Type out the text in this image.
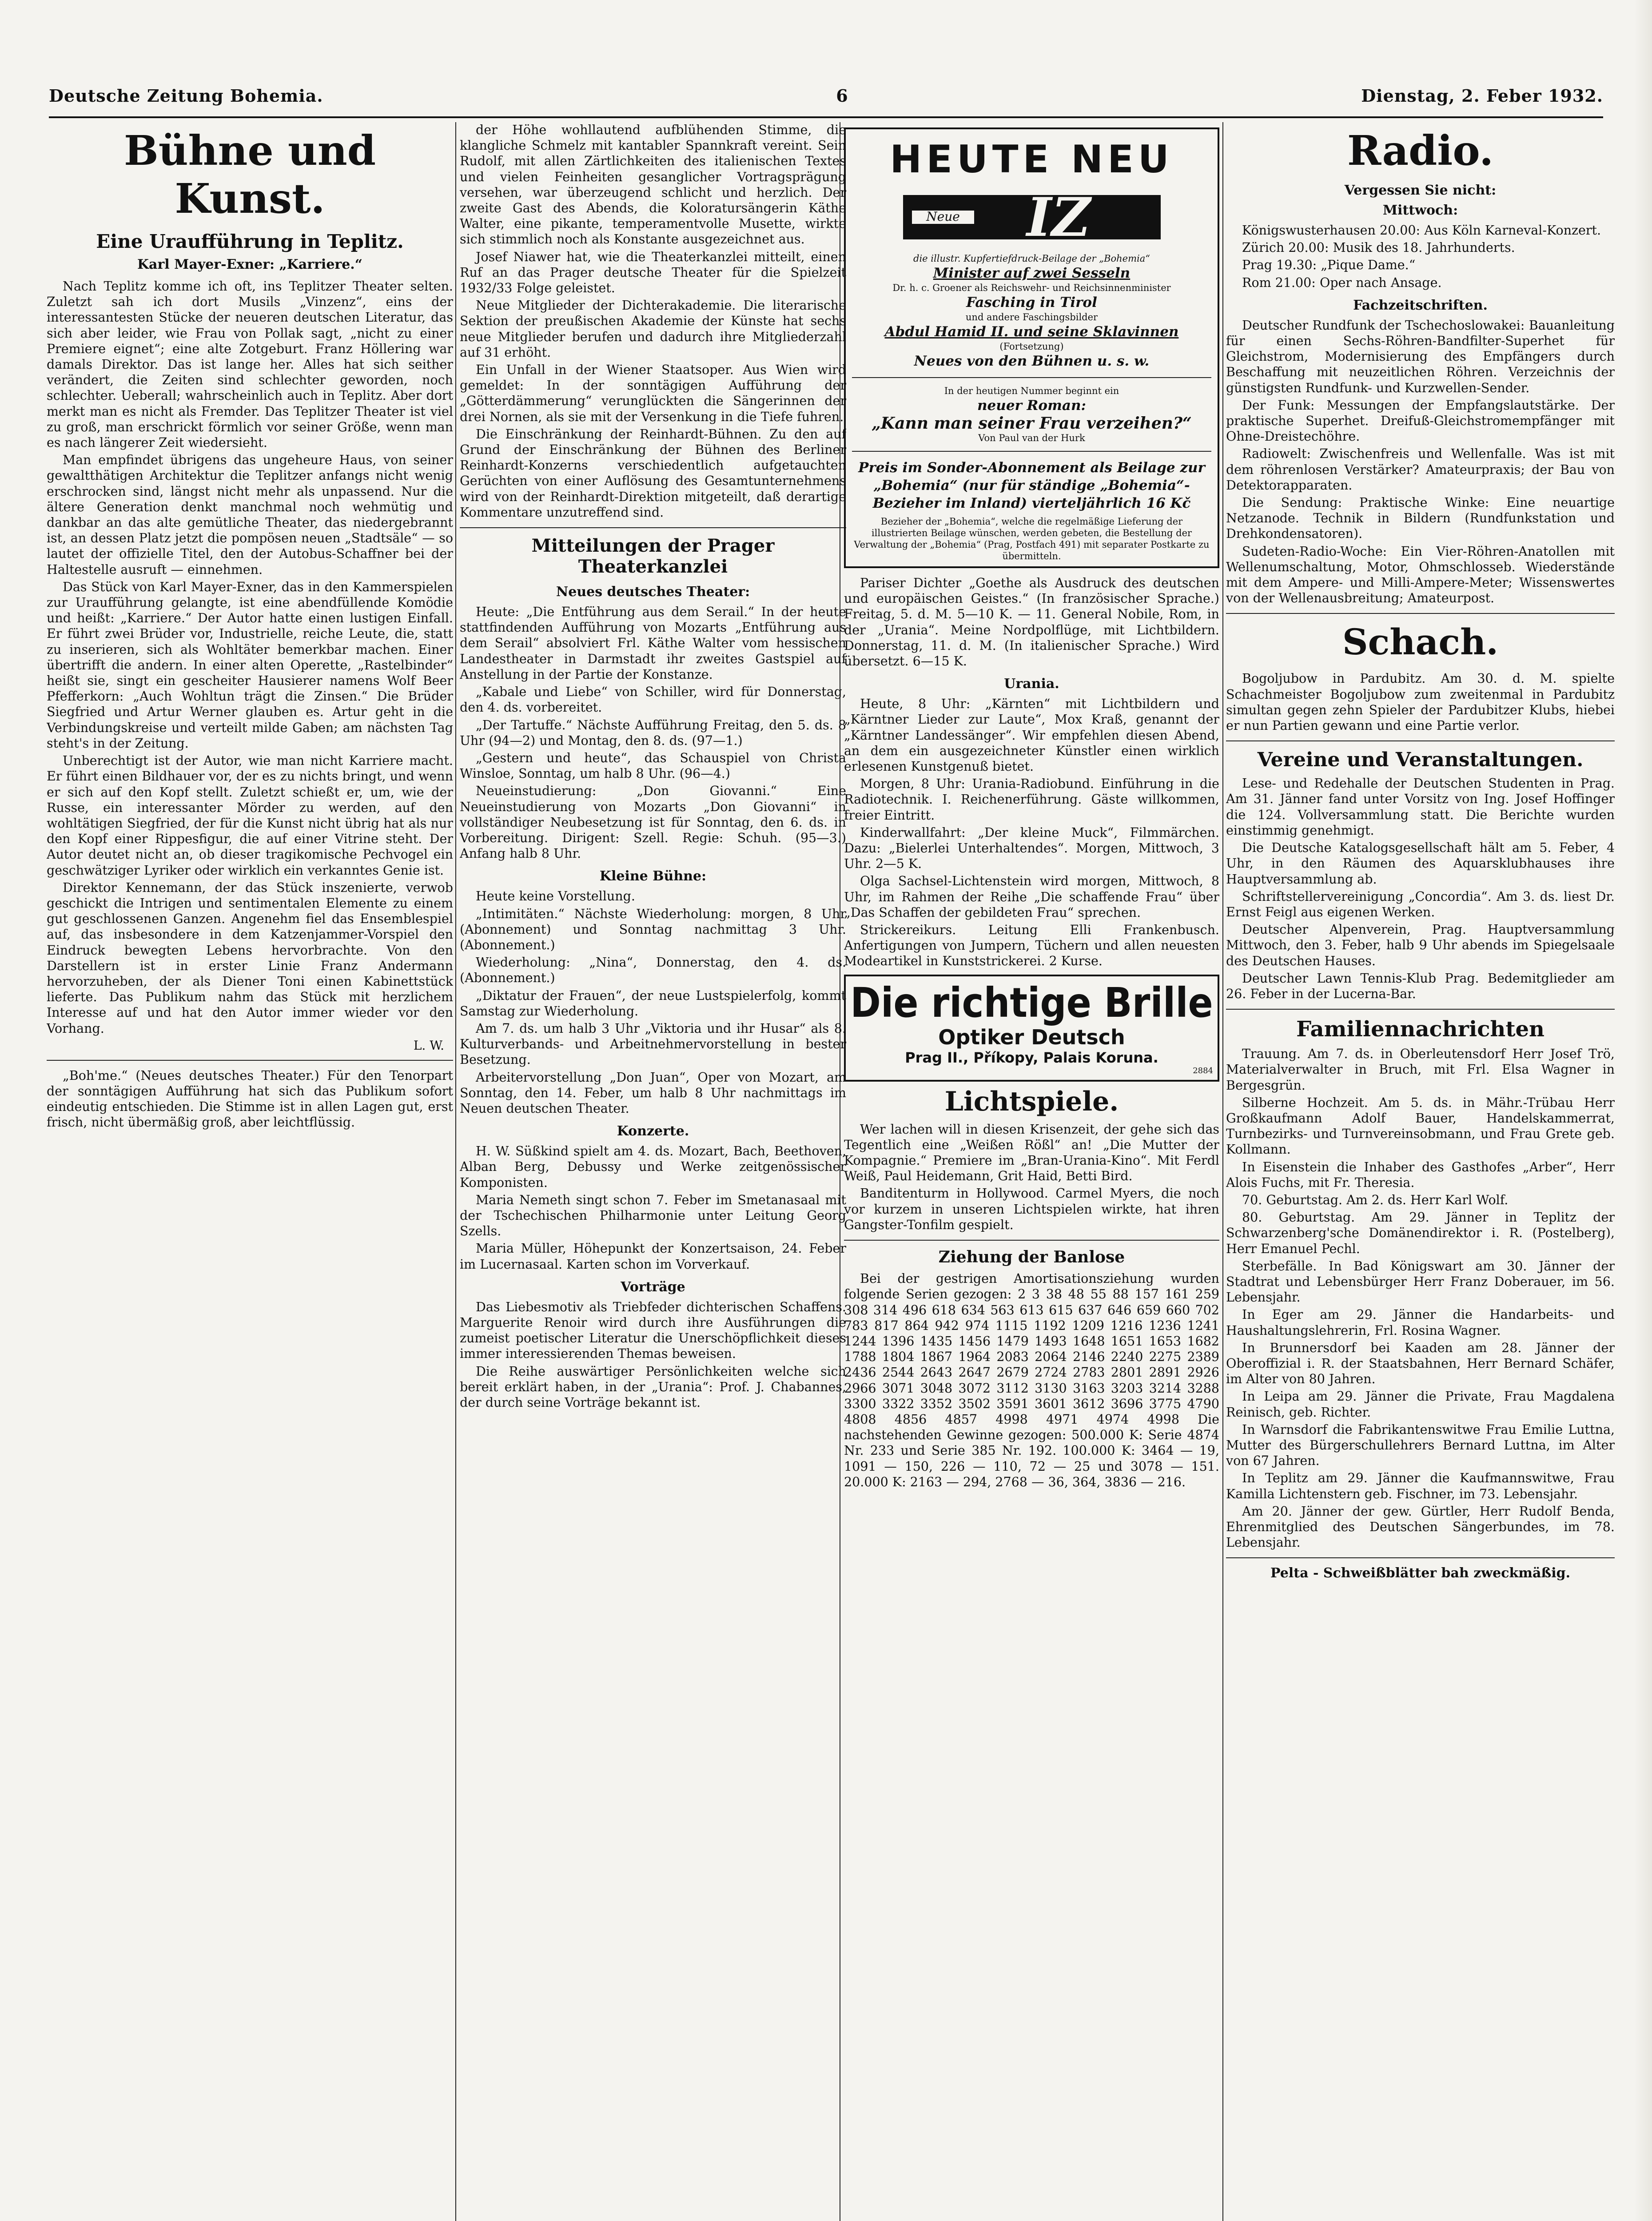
Deutsche Zeitung Bohemia.	6	Dienstag, 2. Feber 1932.
Bühne und Kunst.
Eine Uraufführung in Teplitz.
Karl Mayer-Exner: „Karriere.“

Nach Teplitz komme ich oft, ins Teplitzer Theater selten. Zuletzt sah ich dort Musils „Vinzenz“, eins der interessantesten Stücke der neueren deutschen Literatur, das sich aber leider, wie Frau von Pollak sagt, „nicht zu einer Premiere eignet“; eine alte Zotgeburt. Franz Höllering war damals Direktor. Das ist lange her. Alles hat sich seither verändert, die Zeiten sind schlechter geworden, noch schlechter. Ueberall; wahrscheinlich auch in Teplitz. Aber dort merkt man es nicht als Fremder. Das Teplitzer Theater ist viel zu groß, man erschrickt förmlich vor seiner Größe, wenn man es nach längerer Zeit wiedersieht.

Man empfindet übrigens das ungeheure Haus, von seiner gewaltthätigen Architektur die Teplitzer anfangs nicht wenig erschrocken sind, längst nicht mehr als unpassend. Nur die ältere Generation denkt manchmal noch wehmütig und dankbar an das alte gemütliche Theater, das niedergebrannt ist, an dessen Platz jetzt die pompösen neuen „Stadtsäle“ — so lautet der offizielle Titel, den der Autobus-Schaffner bei der Haltestelle ausruft — einnehmen.

Das Stück von Karl Mayer-Exner, das in den Kammerspielen zur Uraufführung gelangte, ist eine abendfüllende Komödie und heißt: „Karriere.“ Der Autor hatte einen lustigen Einfall. Er führt zwei Brüder vor, Industrielle, reiche Leute, die, statt zu inserieren, sich als Wohltäter bemerkbar machen. Einer übertrifft die andern. In einer alten Operette, „Rastelbinder“ heißt sie, singt ein gescheiter Hausierer namens Wolf Beer Pfefferkorn: „Auch Wohltun trägt die Zinsen.“ Die Brüder Siegfried und Artur Werner glauben es. Artur geht in die Verbindungskreise und verteilt milde Gaben; am nächsten Tag steht's in der Zeitung.

Unberechtigt ist der Autor, wie man nicht Karriere macht. Er führt einen Bildhauer vor, der es zu nichts bringt, und wenn er sich auf den Kopf stellt. Zuletzt schießt er, um, wie der Russe, ein interessanter Mörder zu werden, auf den wohltätigen Siegfried, der für die Kunst nicht übrig hat als nur den Kopf einer Rippesfigur, die auf einer Vitrine steht. Der Autor deutet nicht an, ob dieser tragikomische Pechvogel ein geschwätziger Lyriker oder wirklich ein verkanntes Genie ist.

Direktor Kennemann, der das Stück inszenierte, verwob geschickt die Intrigen und sentimentalen Elemente zu einem gut geschlossenen Ganzen. Angenehm fiel das Ensemblespiel auf, das insbesondere in dem Katzenjammer-Vorspiel den Eindruck bewegten Lebens hervorbrachte. Von den Darstellern ist in erster Linie Franz Andermann hervorzuheben, der als Diener Toni einen Kabinettstück lieferte. Das Publikum nahm das Stück mit herzlichem Interesse auf und hat den Autor immer wieder vor den Vorhang.

L. W.

„Boh'me.“ (Neues deutsches Theater.) Für den Tenorpart der sonntägigen Aufführung hat sich das Publikum sofort eindeutig entschieden. Die Stimme ist in allen Lagen gut, erst frisch, nicht übermäßig groß, aber leichtflüssig.

der Höhe wohllautend aufblühenden Stimme, die klangliche Schmelz mit kantabler Spannkraft vereint. Sein Rudolf, mit allen Zärtlichkeiten des italienischen Textes und vielen Feinheiten gesanglicher Vortragsprägung versehen, war überzeugend schlicht und herzlich. Der zweite Gast des Abends, die Koloratursängerin Käthe Walter, eine pikante, temperamentvolle Musette, wirkte sich stimmlich noch als Konstante ausgezeichnet aus.

Josef Niawer hat, wie die Theaterkanzlei mitteilt, einen Ruf an das Prager deutsche Theater für die Spielzeit 1932/33 Folge geleistet.

Neue Mitglieder der Dichterakademie. Die literarische Sektion der preußischen Akademie der Künste hat sechs neue Mitglieder berufen und dadurch ihre Mitgliederzahl auf 31 erhöht.

Ein Unfall in der Wiener Staatsoper. Aus Wien wird gemeldet: In der sonntägigen Aufführung der „Götterdämmerung“ verunglückten die Sängerinnen der drei Nornen, als sie mit der Versenkung in die Tiefe fuhren.

Die Einschränkung der Reinhardt-Bühnen. Zu den auf Grund der Einschränkung der Bühnen des Berliner Reinhardt-Konzerns verschiedentlich aufgetauchten Gerüchten von einer Auflösung des Gesamtunternehmens wird von der Reinhardt-Direktion mitgeteilt, daß derartige Kommentare unzutreffend sind.

Mitteilungen der Prager Theaterkanzlei
Neues deutsches Theater:

Heute: „Die Entführung aus dem Serail.“ In der heute stattfindenden Aufführung von Mozarts „Entführung aus dem Serail“ absolviert Frl. Käthe Walter vom hessischen Landestheater in Darmstadt ihr zweites Gastspiel auf Anstellung in der Partie der Konstanze.

„Kabale und Liebe“ von Schiller, wird für Donnerstag, den 4. ds. vorbereitet.

„Der Tartuffe.“ Nächste Aufführung Freitag, den 5. ds. 8 Uhr (94—2) und Montag, den 8. ds. (97—1.)

„Gestern und heute“, das Schauspiel von Christa Winsloe, Sonntag, um halb 8 Uhr. (96—4.)

Neueinstudierung: „Don Giovanni.“ Eine Neueinstudierung von Mozarts „Don Giovanni“ in vollständiger Neubesetzung ist für Sonntag, den 6. ds. in Vorbereitung. Dirigent: Szell. Regie: Schuh. (95—3.) Anfang halb 8 Uhr.

Kleine Bühne:

Heute keine Vorstellung.

„Intimitäten.“ Nächste Wiederholung: morgen, 8 Uhr (Abonnement) und Sonntag nachmittag 3 Uhr. (Abonnement.)

Wiederholung: „Nina“, Donnerstag, den 4. ds. (Abonnement.)

„Diktatur der Frauen“, der neue Lustspielerfolg, kommt Samstag zur Wiederholung.

Am 7. ds. um halb 3 Uhr „Viktoria und ihr Husar“ als 8. Kulturverbands- und Arbeitnehmervorstellung in bester Besetzung.

Arbeitervorstellung „Don Juan“, Oper von Mozart, am Sonntag, den 14. Feber, um halb 8 Uhr nachmittags im Neuen deutschen Theater.

Konzerte.

H. W. Süßkind spielt am 4. ds. Mozart, Bach, Beethoven, Alban Berg, Debussy und Werke zeitgenössischer Komponisten.

Maria Nemeth singt schon 7. Feber im Smetanasaal mit der Tschechischen Philharmonie unter Leitung Georg Szells.

Maria Müller, Höhepunkt der Konzertsaison, 24. Feber im Lucernasaal. Karten schon im Vorverkauf.

Vorträge

Das Liebesmotiv als Triebfeder dichterischen Schaffens. Marguerite Renoir wird durch ihre Ausführungen die zumeist poetischer Literatur die Unerschöpflichkeit dieses immer interessierenden Themas beweisen.

Die Reihe auswärtiger Persönlichkeiten welche sich bereit erklärt haben, in der „Urania“: Prof. J. Chabannes, der durch seine Vorträge bekannt ist.

HEUTE NEU
Neue IZ
die illustr. Kupfertiefdruck-Beilage der „Bohemia“
Minister auf zwei Sesseln
Dr. h. c. Groener als Reichswehr- und Reichsinnenminister
Fasching in Tirol
und andere Faschingsbilder
Abdul Hamid II. und seine Sklavinnen
(Fortsetzung)
Neues von den Bühnen u. s. w.
In der heutigen Nummer beginnt ein
neuer Roman:
„Kann man seiner Frau verzeihen?“
Von Paul van der Hurk
Preis im Sonder-Abonnement als Beilage zur „Bohemia“ (nur für ständige „Bohemia“-Bezieher im Inland) vierteljährlich 16 Kč
Bezieher der „Bohemia“, welche die regelmäßige Lieferung der illustrierten Beilage wünschen, werden gebeten, die Bestellung der Verwaltung der „Bohemia“ (Prag, Postfach 491) mit separater Postkarte zu übermitteln.

Pariser Dichter „Goethe als Ausdruck des deutschen und europäischen Geistes.“ (In französischer Sprache.) Freitag, 5. d. M. 5—10 K. — 11. General Nobile, Rom, in der „Urania“. Meine Nordpolflüge, mit Lichtbildern. Donnerstag, 11. d. M. (In italienischer Sprache.) Wird übersetzt. 6—15 K.

Urania.

Heute, 8 Uhr: „Kärnten“ mit Lichtbildern und „Kärntner Lieder zur Laute“, Mox Kraß, genannt der „Kärntner Landessänger“. Wir empfehlen diesen Abend, an dem ein ausgezeichneter Künstler einen wirklich erlesenen Kunstgenuß bietet.

Morgen, 8 Uhr: Urania-Radiobund. Einführung in die Radiotechnik. I. Reichenerführung. Gäste willkommen, freier Eintritt.

Kinderwallfahrt: „Der kleine Muck“, Filmmärchen. Dazu: „Bielerlei Unterhaltendes“. Morgen, Mittwoch, 3 Uhr. 2—5 K.

Olga Sachsel-Lichtenstein wird morgen, Mittwoch, 8 Uhr, im Rahmen der Reihe „Die schaffende Frau“ über „Das Schaffen der gebildeten Frau“ sprechen.

Strickereikurs. Leitung Elli Frankenbusch. Anfertigungen von Jumpern, Tüchern und allen neuesten Modeartikel in Kunststrickerei. 2 Kurse.

Die richtige Brille
Optiker Deutsch
Prag II., Příkopy, Palais Koruna.
2884
Lichtspiele.

Wer lachen will in diesen Krisenzeit, der gehe sich das Tegentlich eine „Weißen Rößl“ an! „Die Mutter der Kompagnie.“ Premiere im „Bran-Urania-Kino“. Mit Ferdl Weiß, Paul Heidemann, Grit Haid, Betti Bird.

Banditenturm in Hollywood. Carmel Myers, die noch vor kurzem in unseren Lichtspielen wirkte, hat ihren Gangster-Tonfilm gespielt.

Ziehung der Banlose

Bei der gestrigen Amortisationsziehung wurden folgende Serien gezogen: 2 3 38 48 55 88 157 161 259 308 314 496 618 634 563 613 615 637 646 659 660 702 783 817 864 942 974 1115 1192 1209 1216 1236 1241 1244 1396 1435 1456 1479 1493 1648 1651 1653 1682 1788 1804 1867 1964 2083 2064 2146 2240 2275 2389 2436 2544 2643 2647 2679 2724 2783 2801 2891 2926 2966 3071 3048 3072 3112 3130 3163 3203 3214 3288 3300 3322 3352 3502 3591 3601 3612 3696 3775 4790 4808 4856 4857 4998 4971 4974 4998 Die nachstehenden Gewinne gezogen: 500.000 K: Serie 4874 Nr. 233 und Serie 385 Nr. 192. 100.000 K: 3464 — 19, 1091 — 150, 226 — 110, 72 — 25 und 3078 — 151. 20.000 K: 2163 — 294, 2768 — 36, 364, 3836 — 216.

Radio.
Vergessen Sie nicht:
Mittwoch:

Königswusterhausen 20.00: Aus Köln Karneval-Konzert.

Zürich 20.00: Musik des 18. Jahrhunderts.

Prag 19.30: „Pique Dame.“

Rom 21.00: Oper nach Ansage.

Fachzeitschriften.

Deutscher Rundfunk der Tschechoslowakei: Bauanleitung für einen Sechs-Röhren-Bandfilter-Superhet für Gleichstrom, Modernisierung des Empfängers durch Beschaffung mit neuzeitlichen Röhren. Verzeichnis der günstigsten Rundfunk- und Kurzwellen-Sender.

Der Funk: Messungen der Empfangslautstärke. Der praktische Superhet. Dreifuß-Gleichstromempfänger mit Ohne-Dreistechöhre.

Radiowelt: Zwischenfreis und Wellenfalle. Was ist mit dem röhrenlosen Verstärker? Amateurpraxis; der Bau von Detektorapparaten.

Die Sendung: Praktische Winke: Eine neuartige Netzanode. Technik in Bildern (Rundfunkstation und Drehkondensatoren).

Sudeten-Radio-Woche: Ein Vier-Röhren-Anatollen mit Wellenumschaltung, Motor, Ohmschlosseb. Wiederstände mit dem Ampere- und Milli-Ampere-Meter; Wissenswertes von der Wellenausbreitung; Amateurpost.

Schach.

Bogoljubow in Pardubitz. Am 30. d. M. spielte Schachmeister Bogoljubow zum zweitenmal in Pardubitz simultan gegen zehn Spieler der Pardubitzer Klubs, hiebei er nun Partien gewann und eine Partie verlor.

Vereine und Veranstaltungen.

Lese- und Redehalle der Deutschen Studenten in Prag. Am 31. Jänner fand unter Vorsitz von Ing. Josef Hoffinger die 124. Vollversammlung statt. Die Berichte wurden einstimmig genehmigt.

Die Deutsche Katalogsgesellschaft hält am 5. Feber, 4 Uhr, in den Räumen des Aquarsklubhauses ihre Hauptversammlung ab.

Schriftstellervereinigung „Concordia“. Am 3. ds. liest Dr. Ernst Feigl aus eigenen Werken.

Deutscher Alpenverein, Prag. Hauptversammlung Mittwoch, den 3. Feber, halb 9 Uhr abends im Spiegelsaale des Deutschen Hauses.

Deutscher Lawn Tennis-Klub Prag. Bedemitglieder am 26. Feber in der Lucerna-Bar.

Familiennachrichten

Trauung. Am 7. ds. in Oberleutensdorf Herr Josef Trö, Materialverwalter in Bruch, mit Frl. Elsa Wagner in Bergesgrün.

Silberne Hochzeit. Am 5. ds. in Mähr.-Trübau Herr Großkaufmann Adolf Bauer, Handelskammerrat, Turnbezirks- und Turnvereinsobmann, und Frau Grete geb. Kollmann.

In Eisenstein die Inhaber des Gasthofes „Arber“, Herr Alois Fuchs, mit Fr. Theresia.

70. Geburtstag. Am 2. ds. Herr Karl Wolf.

80. Geburtstag. Am 29. Jänner in Teplitz der Schwarzenberg'sche Domänendirektor i. R. (Postelberg), Herr Emanuel Pechl.

Sterbefälle. In Bad Königswart am 30. Jänner der Stadtrat und Lebensbürger Herr Franz Doberauer, im 56. Lebensjahr.

In Eger am 29. Jänner die Handarbeits- und Haushaltungslehrerin, Frl. Rosina Wagner.

In Brunnersdorf bei Kaaden am 28. Jänner der Oberoffizial i. R. der Staatsbahnen, Herr Bernard Schäfer, im Alter von 80 Jahren.

In Leipa am 29. Jänner die Private, Frau Magdalena Reinisch, geb. Richter.

In Warnsdorf die Fabrikantenswitwe Frau Emilie Luttna, Mutter des Bürgerschullehrers Bernard Luttna, im Alter von 67 Jahren.

In Teplitz am 29. Jänner die Kaufmannswitwe, Frau Kamilla Lichtenstern geb. Fischner, im 73. Lebensjahr.

Am 20. Jänner der gew. Gürtler, Herr Rudolf Benda, Ehrenmitglied des Deutschen Sängerbundes, im 78. Lebensjahr.

Pelta - Schweißblätter bah zweckmäßig.
